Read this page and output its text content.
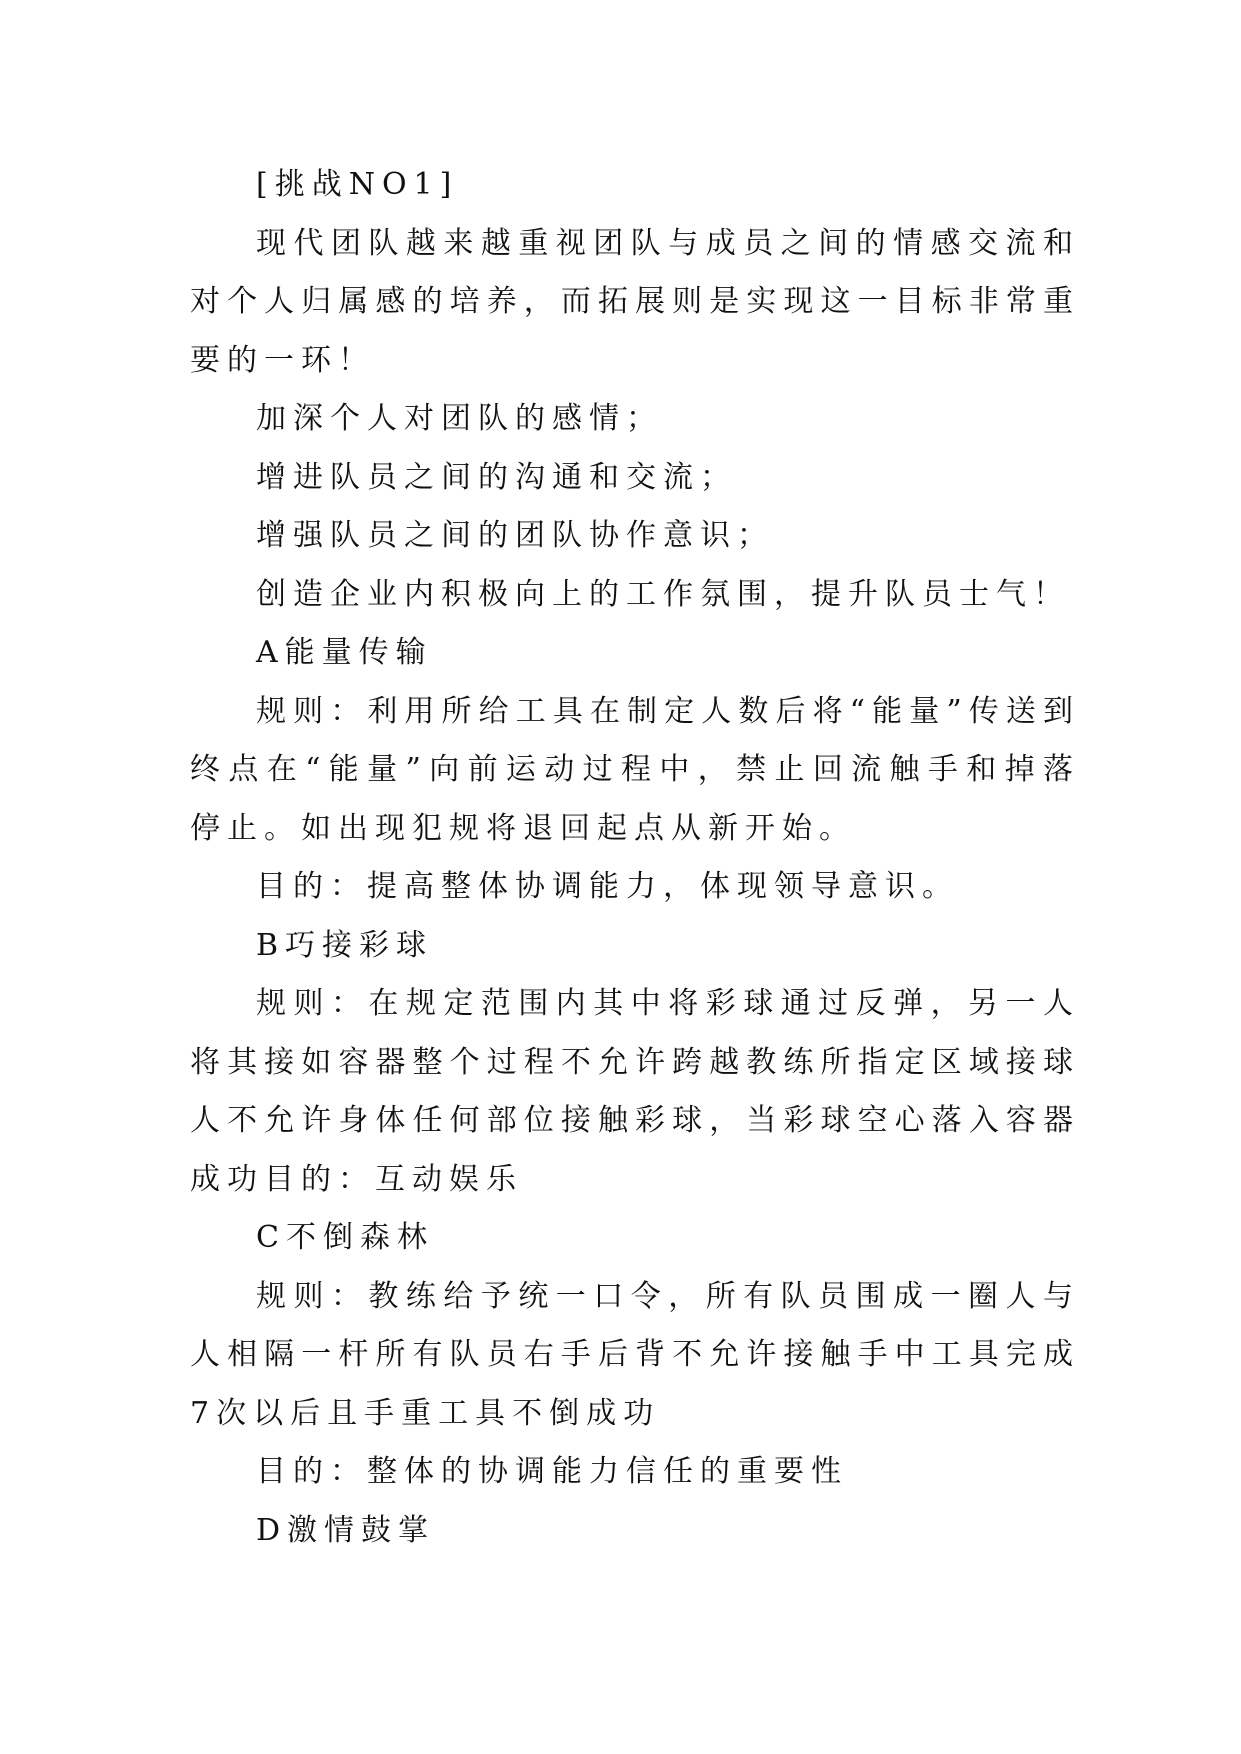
[挑战NO1]

现代团队越来越重视团队与成员之间的情感交流和对个人归属感的培养，而拓展则是实现这一目标非常重要的一环！

加深个人对团队的感情；

增进队员之间的沟通和交流；

增强队员之间的团队协作意识；

创造企业内积极向上的工作氛围，提升队员士气！

A能量传输

规则：利用所给工具在制定人数后将“能量”传送到终点在“能量”向前运动过程中，禁止回流触手和掉落停止。如出现犯规将退回起点从新开始。

目的：提高整体协调能力，体现领导意识。

B巧接彩球

规则：在规定范围内其中将彩球通过反弹，另一人将其接如容器整个过程不允许跨越教练所指定区域接球人不允许身体任何部位接触彩球，当彩球空心落入容器成功目的：互动娱乐

C不倒森林

规则：教练给予统一口令，所有队员围成一圈人与人相隔一杆所有队员右手后背不允许接触手中工具完成7次以后且手重工具不倒成功

目的：整体的协调能力信任的重要性

D激情鼓掌
